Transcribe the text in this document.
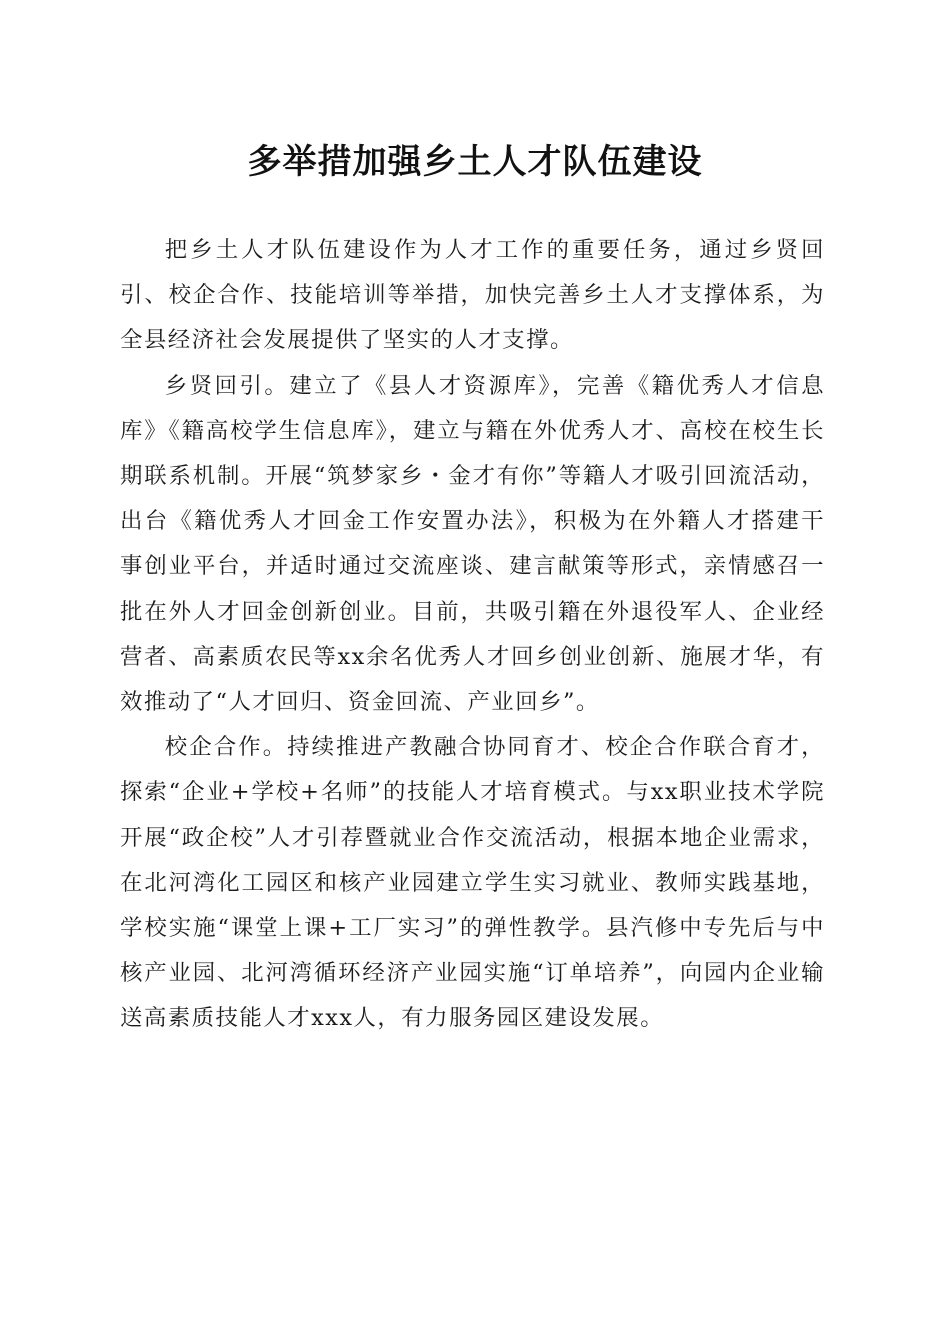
多举措加强乡土人才队伍建设

把乡土人才队伍建设作为人才工作的重要任务，通过乡贤回引、校企合作、技能培训等举措，加快完善乡土人才支撑体系，为全县经济社会发展提供了坚实的人才支撑。

乡贤回引。建立了《县人才资源库》，完善《籍优秀人才信息库》《籍高校学生信息库》，建立与籍在外优秀人才、高校在校生长期联系机制。开展“筑梦家乡・金才有你”等籍人才吸引回流活动，出台《籍优秀人才回金工作安置办法》，积极为在外籍人才搭建干事创业平台，并适时通过交流座谈、建言献策等形式，亲情感召一批在外人才回金创新创业。目前，共吸引籍在外退役军人、企业经营者、高素质农民等xx余名优秀人才回乡创业创新、施展才华，有效推动了“人才回归、资金回流、产业回乡”。

校企合作。持续推进产教融合协同育才、校企合作联合育才，探索“企业+学校+名师”的技能人才培育模式。与xx职业技术学院开展“政企校”人才引荐暨就业合作交流活动，根据本地企业需求，在北河湾化工园区和核产业园建立学生实习就业、教师实践基地，学校实施“课堂上课+工厂实习”的弹性教学。县汽修中专先后与中核产业园、北河湾循环经济产业园实施“订单培养”，向园内企业输送高素质技能人才xxx人，有力服务园区建设发展。
